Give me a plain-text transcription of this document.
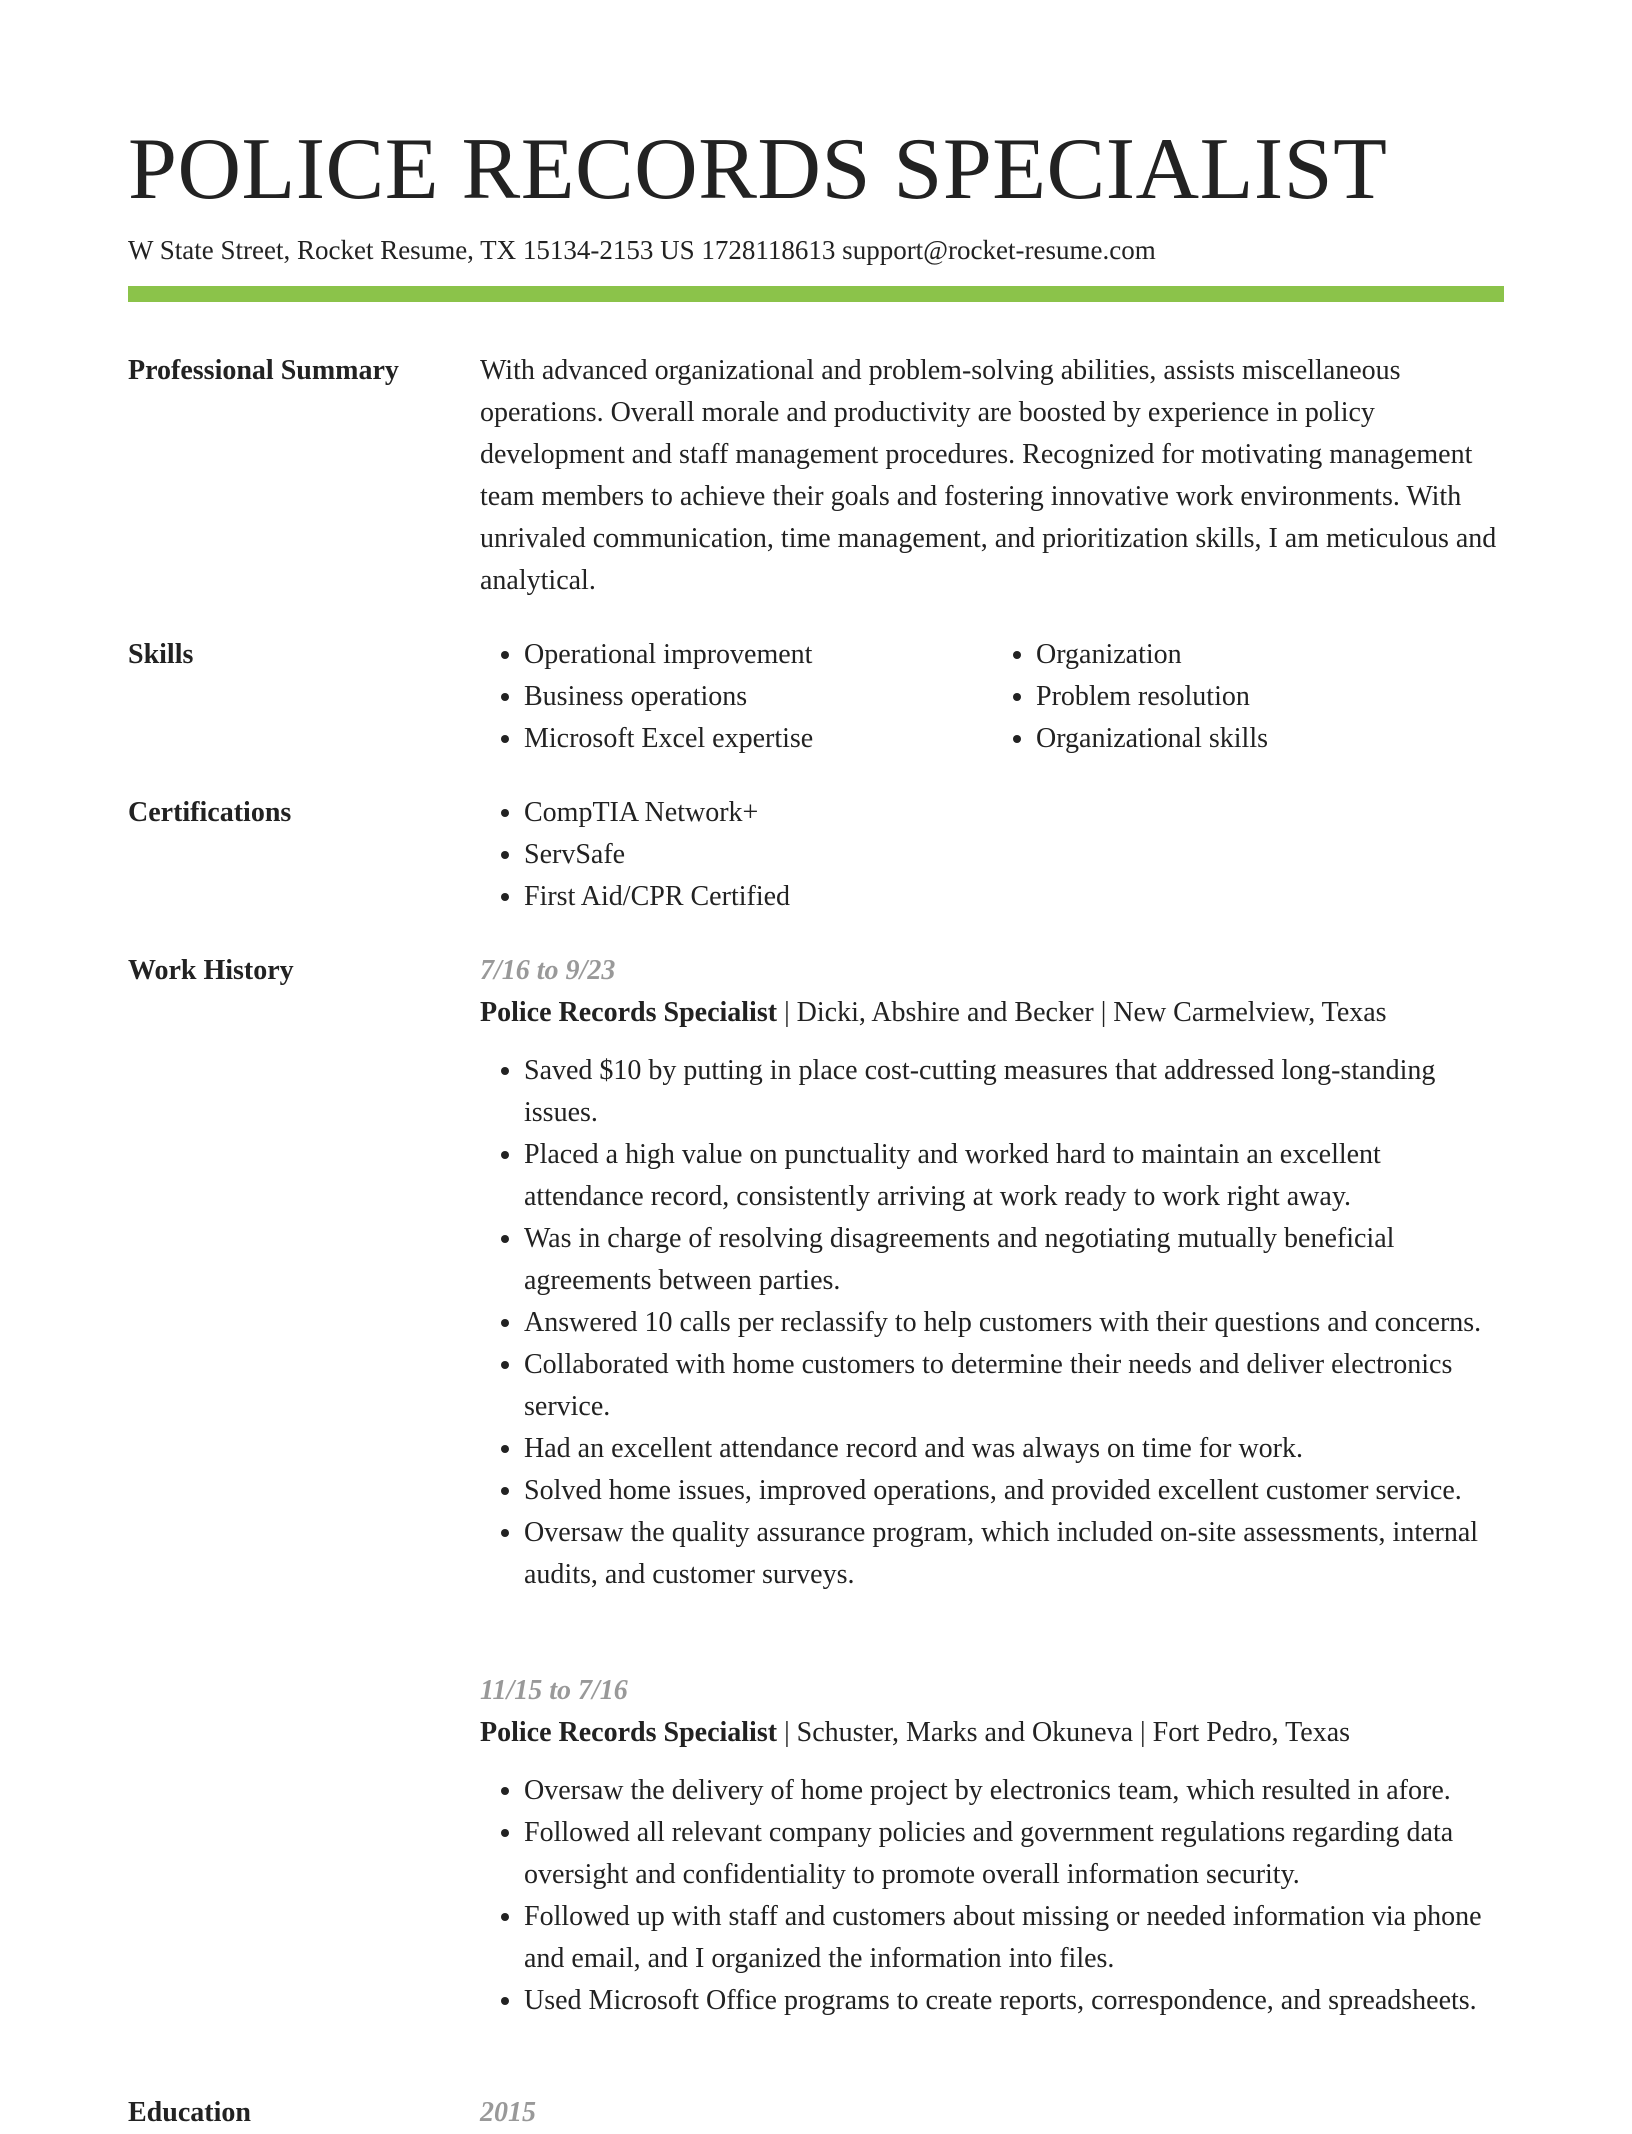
POLICE RECORDS SPECIALIST
W State Street, Rocket Resume, TX 15134-2153 US 1728118613 support@rocket-resume.com
Professional Summary	With advanced organizational and problem-solving abilities, assists miscellaneous operations. Overall morale and productivity are boosted by experience in policy development and staff management procedures. Recognized for motivating management team members to achieve their goals and fostering innovative work environments. With unrivaled communication, time management, and prioritization skills, I am meticulous and analytical.

Skills	• Operational improvement
• Business operations
• Microsoft Excel expertise
• Organization
• Problem resolution
• Organizational skills
Certifications	• CompTIA Network+
• ServSafe
• First Aid/CPR Certified
Work History	7/16 to 9/23
Police Records Specialist | Dicki, Abshire and Becker | New Carmelview, Texas
• Saved $10 by putting in place cost-cutting measures that addressed long-standing issues.
• Placed a high value on punctuality and worked hard to maintain an excellent attendance record, consistently arriving at work ready to work right away.
• Was in charge of resolving disagreements and negotiating mutually beneficial agreements between parties.
• Answered 10 calls per reclassify to help customers with their questions and concerns.
• Collaborated with home customers to determine their needs and deliver electronics service.
• Had an excellent attendance record and was always on time for work.
• Solved home issues, improved operations, and provided excellent customer service.
• Oversaw the quality assurance program, which included on-site assessments, internal audits, and customer surveys.
11/15 to 7/16
Police Records Specialist | Schuster, Marks and Okuneva | Fort Pedro, Texas
• Oversaw the delivery of home project by electronics team, which resulted in afore.
• Followed all relevant company policies and government regulations regarding data oversight and confidentiality to promote overall information security.
• Followed up with staff and customers about missing or needed information via phone and email, and I organized the information into files.
• Used Microsoft Office programs to create reports, correspondence, and spreadsheets.
Education	2015
